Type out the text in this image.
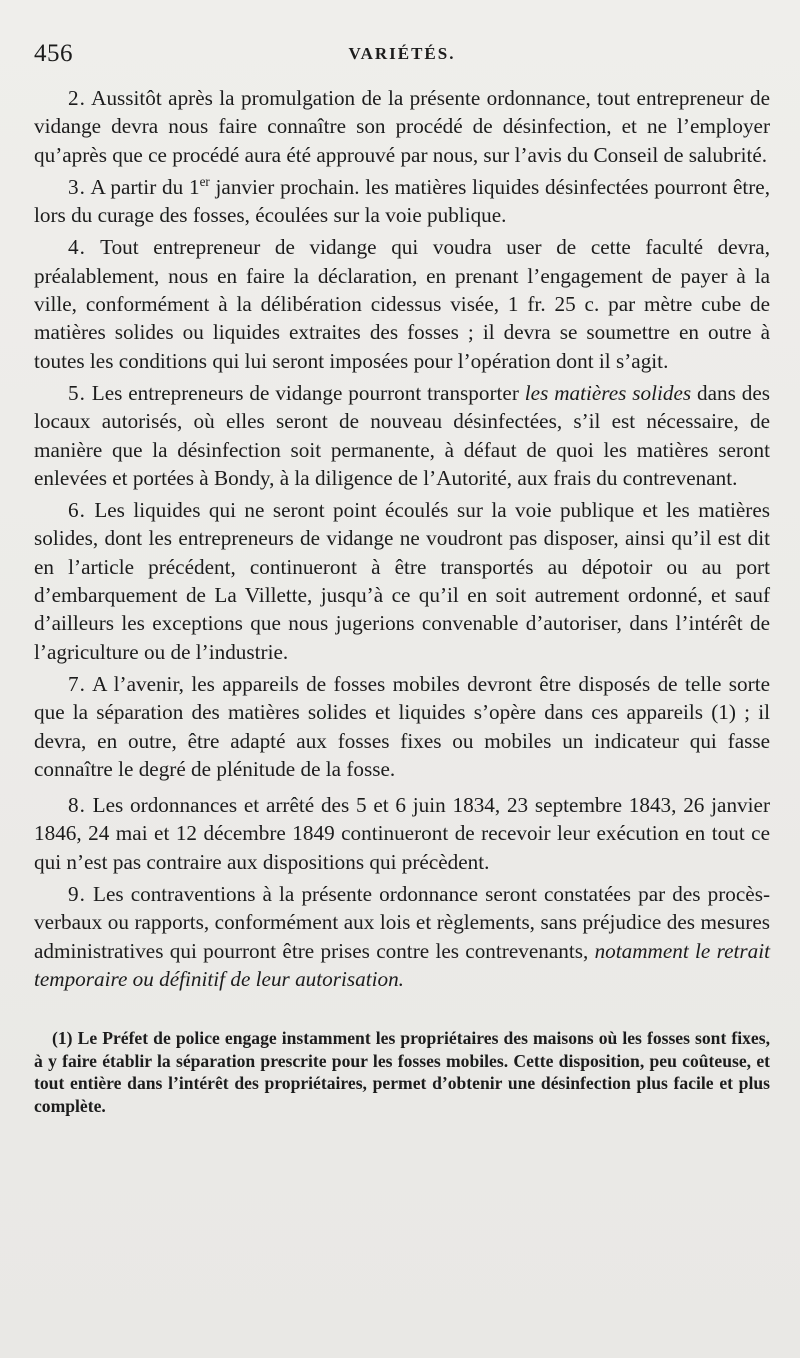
456	VARIÉTÉS.

2. Aussitôt après la promulgation de la présente ordonnance, tout entrepreneur de vidange devra nous faire connaître son procédé de désinfection, et ne l’employer qu’après que ce procédé aura été approuvé par nous, sur l’avis du Conseil de salubrité.

3. A partir du 1er janvier prochain. les matières liquides désinfectées pourront être, lors du curage des fosses, écoulées sur la voie publique.

4. Tout entrepreneur de vidange qui voudra user de cette faculté devra, préalablement, nous en faire la déclaration, en prenant l’engagement de payer à la ville, conformément à la délibération cidessus visée, 1 fr. 25 c. par mètre cube de matières solides ou liquides extraites des fosses ; il devra se soumettre en outre à toutes les conditions qui lui seront imposées pour l’opération dont il s’agit.

5. Les entrepreneurs de vidange pourront transporter les matières solides dans des locaux autorisés, où elles seront de nouveau désinfectées, s’il est nécessaire, de manière que la désinfection soit permanente, à défaut de quoi les matières seront enlevées et portées à Bondy, à la diligence de l’Autorité, aux frais du contrevenant.

6. Les liquides qui ne seront point écoulés sur la voie publique et les matières solides, dont les entrepreneurs de vidange ne voudront pas disposer, ainsi qu’il est dit en l’article précédent, continueront à être transportés au dépotoir ou au port d’embarquement de La Villette, jusqu’à ce qu’il en soit autrement ordonné, et sauf d’ailleurs les exceptions que nous jugerions convenable d’autoriser, dans l’intérêt de l’agriculture ou de l’industrie.

7. A l’avenir, les appareils de fosses mobiles devront être disposés de telle sorte que la séparation des matières solides et liquides s’opère dans ces appareils (1) ; il devra, en outre, être adapté aux fosses fixes ou mobiles un indicateur qui fasse connaître le degré de plénitude de la fosse.

8. Les ordonnances et arrêté des 5 et 6 juin 1834, 23 septembre 1843, 26 janvier 1846, 24 mai et 12 décembre 1849 continueront de recevoir leur exécution en tout ce qui n’est pas contraire aux dispositions qui précèdent.

9. Les contraventions à la présente ordonnance seront constatées par des procès-verbaux ou rapports, conformément aux lois et règlements, sans préjudice des mesures administratives qui pourront être prises contre les contrevenants, notamment le retrait temporaire ou définitif de leur autorisation.

(1) Le Préfet de police engage instamment les propriétaires des maisons où les fosses sont fixes, à y faire établir la séparation prescrite pour les fosses mobiles. Cette disposition, peu coûteuse, et tout entière dans l’intérêt des propriétaires, permet d’obtenir une désinfection plus facile et plus complète.
